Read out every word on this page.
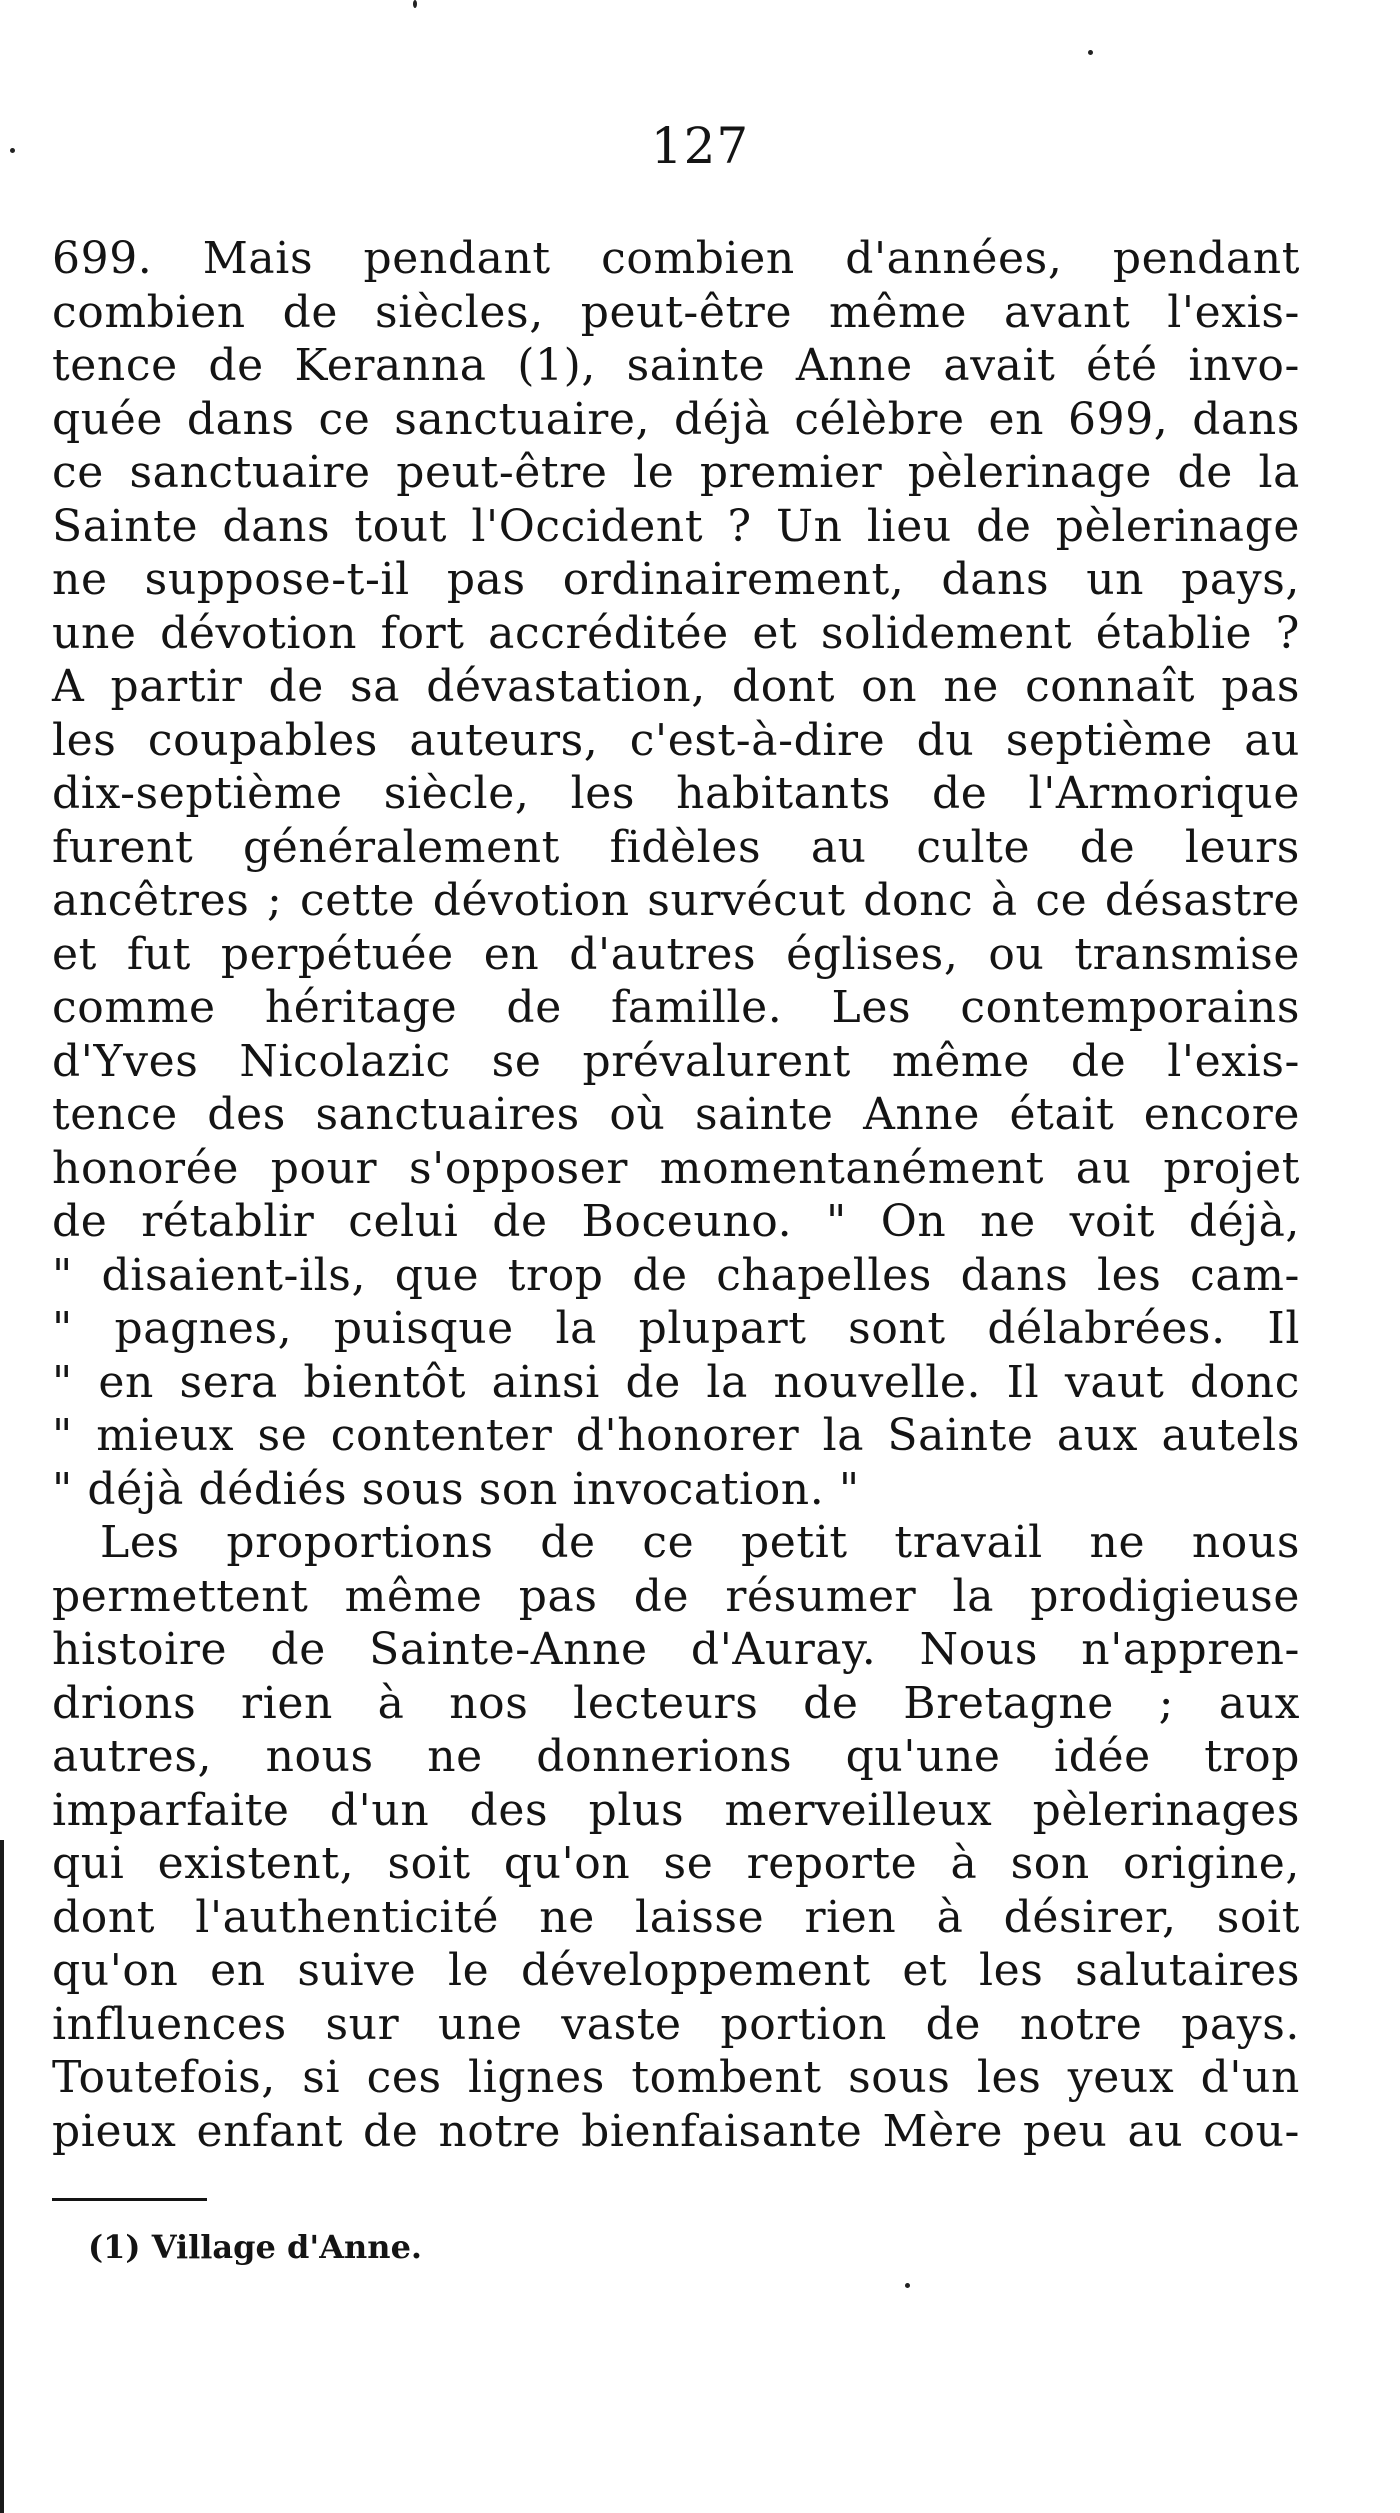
127
699. Mais pendant combien d'années, pendant
combien de siècles, peut-être même avant l'exis-
tence de Keranna (1), sainte Anne avait été invo-
quée dans ce sanctuaire, déjà célèbre en 699, dans
ce sanctuaire peut-être le premier pèlerinage de la
Sainte dans tout l'Occident ? Un lieu de pèlerinage
ne suppose-t-il pas ordinairement, dans un pays,
une dévotion fort accréditée et solidement établie ?
A partir de sa dévastation, dont on ne connaît pas
les coupables auteurs, c'est-à-dire du septième au
dix-septième siècle, les habitants de l'Armorique
furent généralement fidèles au culte de leurs
ancêtres ; cette dévotion survécut donc à ce désastre
et fut perpétuée en d'autres églises, ou transmise
comme héritage de famille. Les contemporains
d'Yves Nicolazic se prévalurent même de l'exis-
tence des sanctuaires où sainte Anne était encore
honorée pour s'opposer momentanément au projet
de rétablir celui de Boceuno. " On ne voit déjà,
" disaient-ils, que trop de chapelles dans les cam-
" pagnes, puisque la plupart sont délabrées. Il
" en sera bientôt ainsi de la nouvelle. Il vaut donc
" mieux se contenter d'honorer la Sainte aux autels
" déjà dédiés sous son invocation. "
Les proportions de ce petit travail ne nous
permettent même pas de résumer la prodigieuse
histoire de Sainte-Anne d'Auray. Nous n'appren-
drions rien à nos lecteurs de Bretagne ; aux
autres, nous ne donnerions qu'une idée trop
imparfaite d'un des plus merveilleux pèlerinages
qui existent, soit qu'on se reporte à son origine,
dont l'authenticité ne laisse rien à désirer, soit
qu'on en suive le développement et les salutaires
influences sur une vaste portion de notre pays.
Toutefois, si ces lignes tombent sous les yeux d'un
pieux enfant de notre bienfaisante Mère peu au cou-
(1) Village d'Anne.
